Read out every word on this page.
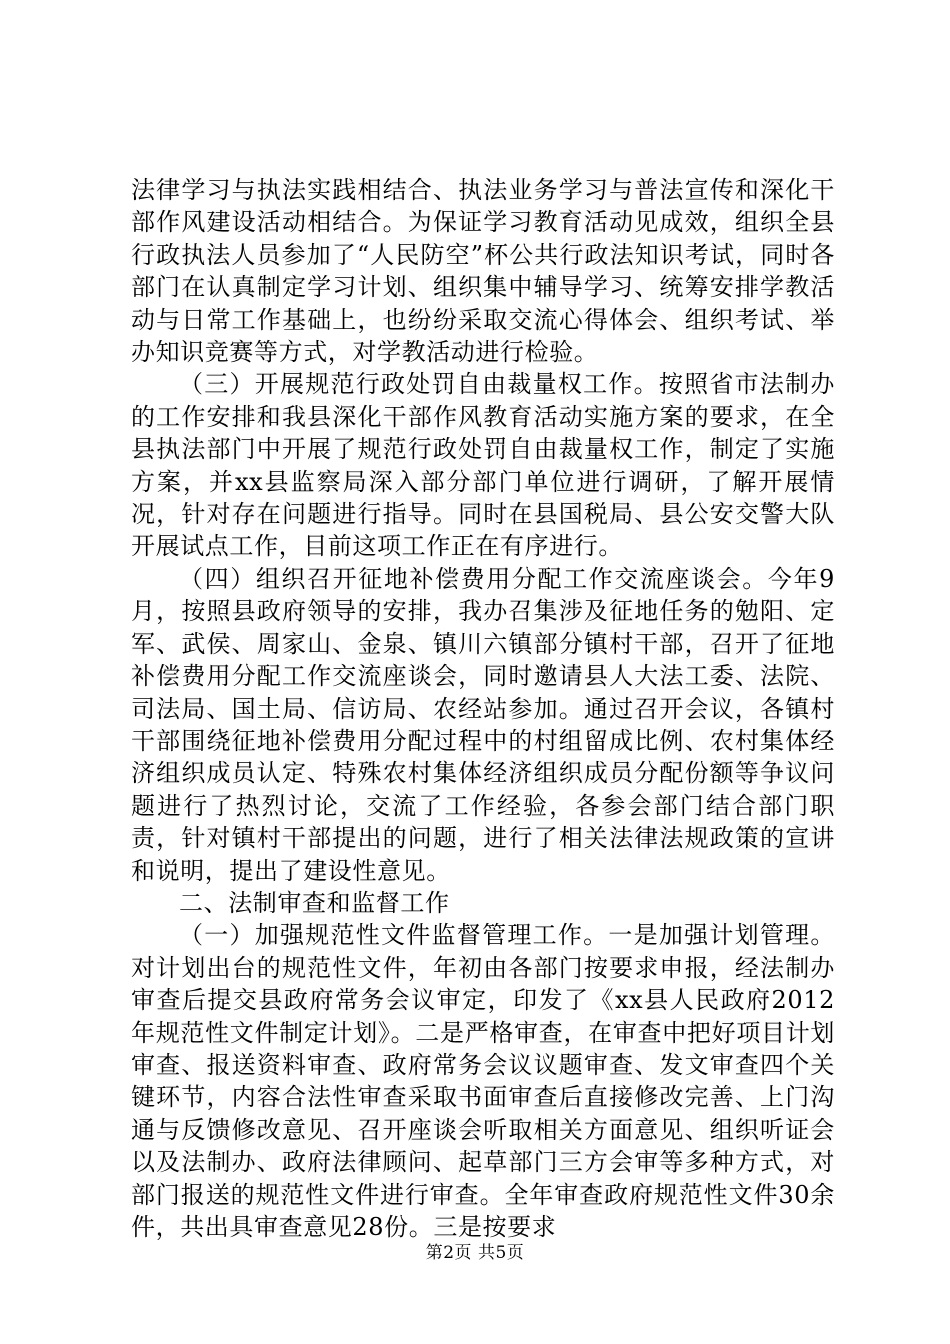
法律学习与执法实践相结合、执法业务学习与普法宣传和深化干部作风建设活动相结合。为保证学习教育活动见成效，组织全县行政执法人员参加了“人民防空”杯公共行政法知识考试，同时各部门在认真制定学习计划、组织集中辅导学习、统筹安排学教活动与日常工作基础上，也纷纷采取交流心得体会、组织考试、举办知识竞赛等方式，对学教活动进行检验。

（三）开展规范行政处罚自由裁量权工作。按照省市法制办的工作安排和我县深化干部作风教育活动实施方案的要求，在全县执法部门中开展了规范行政处罚自由裁量权工作，制定了实施方案，并xx县监察局深入部分部门单位进行调研，了解开展情况，针对存在问题进行指导。同时在县国税局、县公安交警大队开展试点工作，目前这项工作正在有序进行。

（四）组织召开征地补偿费用分配工作交流座谈会。今年9月，按照县政府领导的安排，我办召集涉及征地任务的勉阳、定军、武侯、周家山、金泉、镇川六镇部分镇村干部，召开了征地补偿费用分配工作交流座谈会，同时邀请县人大法工委、法院、司法局、国土局、信访局、农经站参加。通过召开会议，各镇村干部围绕征地补偿费用分配过程中的村组留成比例、农村集体经济组织成员认定、特殊农村集体经济组织成员分配份额等争议问题进行了热烈讨论，交流了工作经验，各参会部门结合部门职责，针对镇村干部提出的问题，进行了相关法律法规政策的宣讲和说明，提出了建设性意见。

二、法制审查和监督工作

（一）加强规范性文件监督管理工作。一是加强计划管理。对计划出台的规范性文件，年初由各部门按要求申报，经法制办审查后提交县政府常务会议审定，印发了《xx县人民政府2012年规范性文件制定计划》。二是严格审查，在审查中把好项目计划审查、报送资料审查、政府常务会议议题审查、发文审查四个关键环节，内容合法性审查采取书面审查后直接修改完善、上门沟通与反馈修改意见、召开座谈会听取相关方面意见、组织听证会以及法制办、政府法律顾问、起草部门三方会审等多种方式，对部门报送的规范性文件进行审查。全年审查政府规范性文件30余件，共出具审查意见28份。三是按要求

第2页 共5页
